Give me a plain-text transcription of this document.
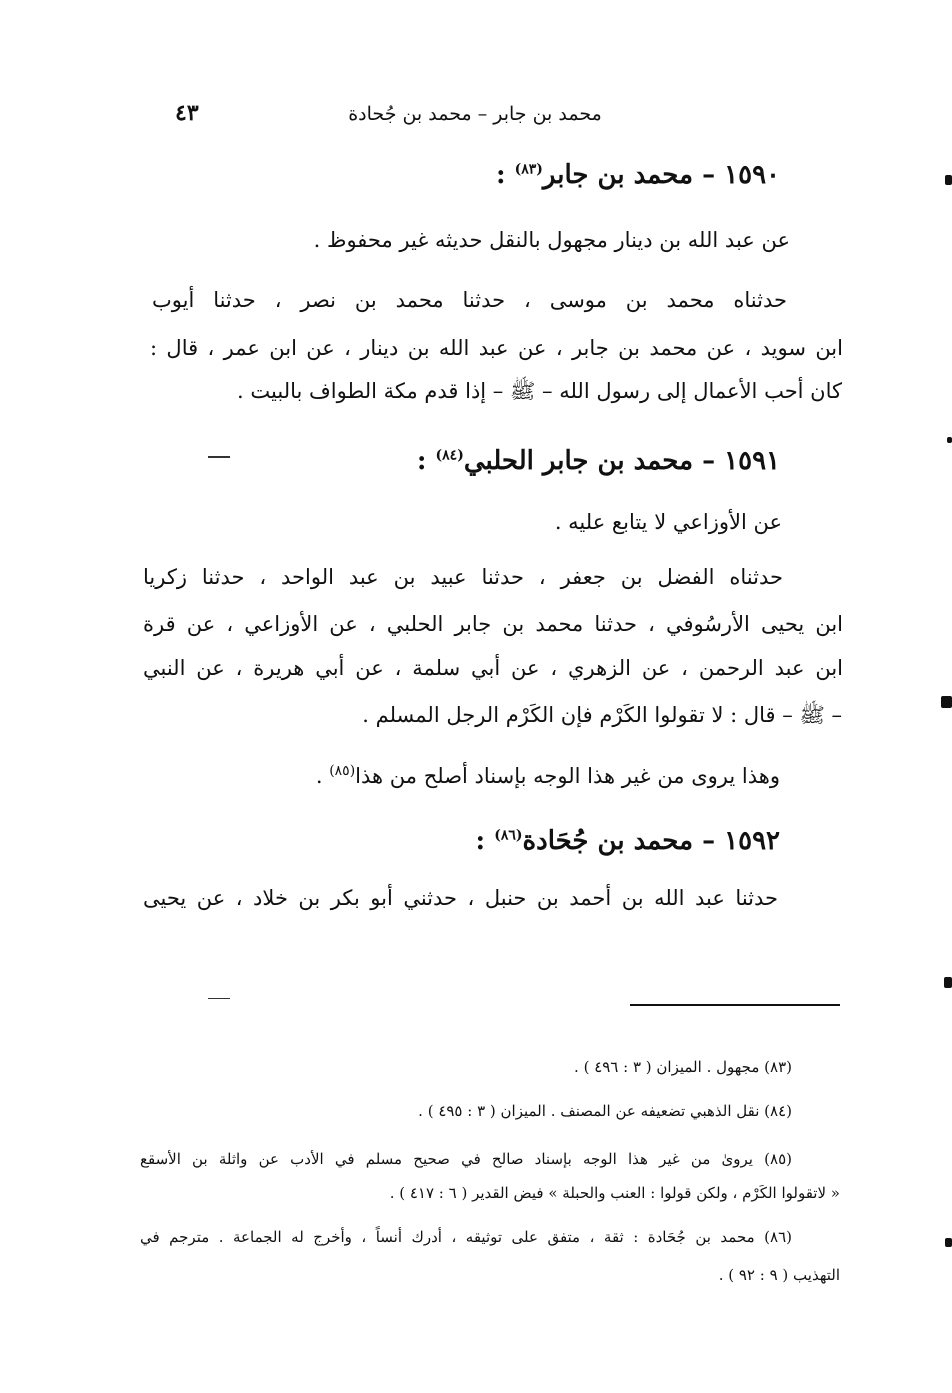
محمد بن جابر – محمد بن جُحادة
٤٣
١٥٩٠ – محمد بن جابر$^{(٨٣)}$ :
عن عبد الله بن دينار مجهول بالنقل حديثه غير محفوظ .
حدثناه محمد بن موسى ، حدثنا محمد بن نصر ، حدثنا أيوب
ابن سويد ، عن محمد بن جابر ، عن عبد الله بن دينار ، عن ابن عمر ، قال :
كان أحب الأعمال إلى رسول الله – ﷺ – إذا قدم مكة الطواف بالبيت .
١٥٩١ – محمد بن جابر الحلبي$^{(٨٤)}$ :
عن الأوزاعي لا يتابع عليه .
حدثناه الفضل بن جعفر ، حدثنا عبيد بن عبد الواحد ، حدثنا زكريا
ابن يحيى الأرسُوفي ، حدثنا محمد بن جابر الحلبي ، عن الأوزاعي ، عن قرة
ابن عبد الرحمن ، عن الزهري ، عن أبي سلمة ، عن أبي هريرة ، عن النبي
– ﷺ – قال : لا تقولوا الكَرْم فإن الكَرْم الرجل المسلم .
وهذا يروى من غير هذا الوجه بإسناد أصلح من هذا$^{(٨٥)}$ .
١٥٩٢ – محمد بن جُحَادة$^{(٨٦)}$ :
حدثنا عبد الله بن أحمد بن حنبل ، حدثني أبو بكر بن خلاد ، عن يحيى
(٨٣) مجهول . الميزان ( ٣ : ٤٩٦ ) .
(٨٤) نقل الذهبي تضعيفه عن المصنف . الميزان ( ٣ : ٤٩٥ ) .
(٨٥) يروىٰ من غير هذا الوجه بإسناد صالح في صحيح مسلم في الأدب عن واثلة بن الأسقع
« لاتقولوا الكَرْم ، ولكن قولوا : العنب والحبلة » فيض القدير ( ٦ : ٤١٧ ) .
(٨٦) محمد بن جُحَادة : ثقة ، متفق على توثيقه ، أدرك أنساً ، وأخرج له الجماعة . مترجم في
التهذيب ( ٩ : ٩٢ ) .
